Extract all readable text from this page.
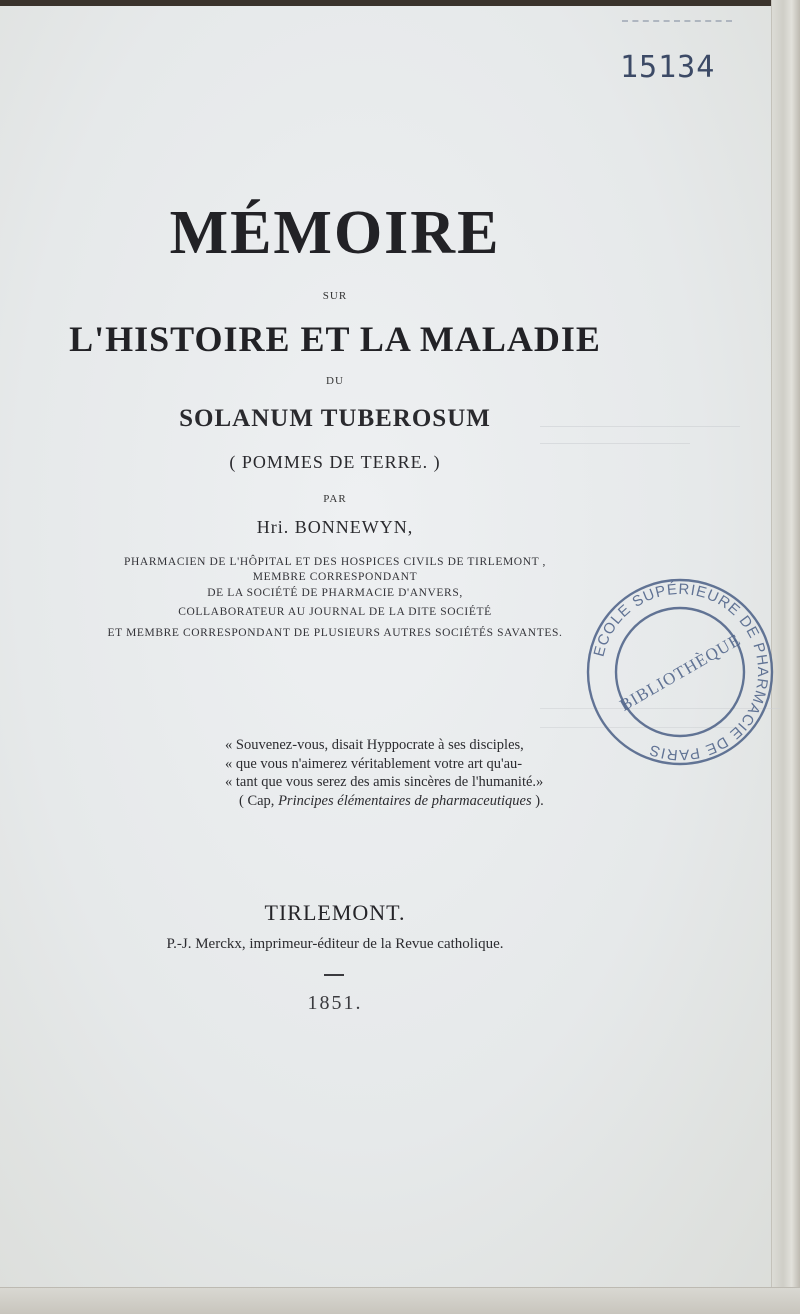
15134
MÉMOIRE
SUR
L'HISTOIRE ET LA MALADIE
DU
SOLANUM TUBEROSUM
( POMMES DE TERRE. )
PAR
Hri. BONNEWYN,
PHARMACIEN DE L'HÔPITAL ET DES HOSPICES CIVILS DE TIRLEMONT ,
MEMBRE CORRESPONDANT
DE LA SOCIÉTÉ DE PHARMACIE D'ANVERS,
COLLABORATEUR AU JOURNAL DE LA DITE SOCIÉTÉ
ET MEMBRE CORRESPONDANT DE PLUSIEURS AUTRES SOCIÉTÉS SAVANTES.
« Souvenez-vous, disait Hyppocrate à ses disciples,
« que vous n'aimerez véritablement votre art qu'au-
« tant que vous serez des amis sincères de l'humanité.»
( Cap, Principes élémentaires de pharmaceutiques ).
TIRLEMONT.
P.-J. Merckx, imprimeur-éditeur de la Revue catholique.
1851.
ECOLE SUPÉRIEURE DE PHARMACIE DE PARIS
BIBLIOTHÈQUE
